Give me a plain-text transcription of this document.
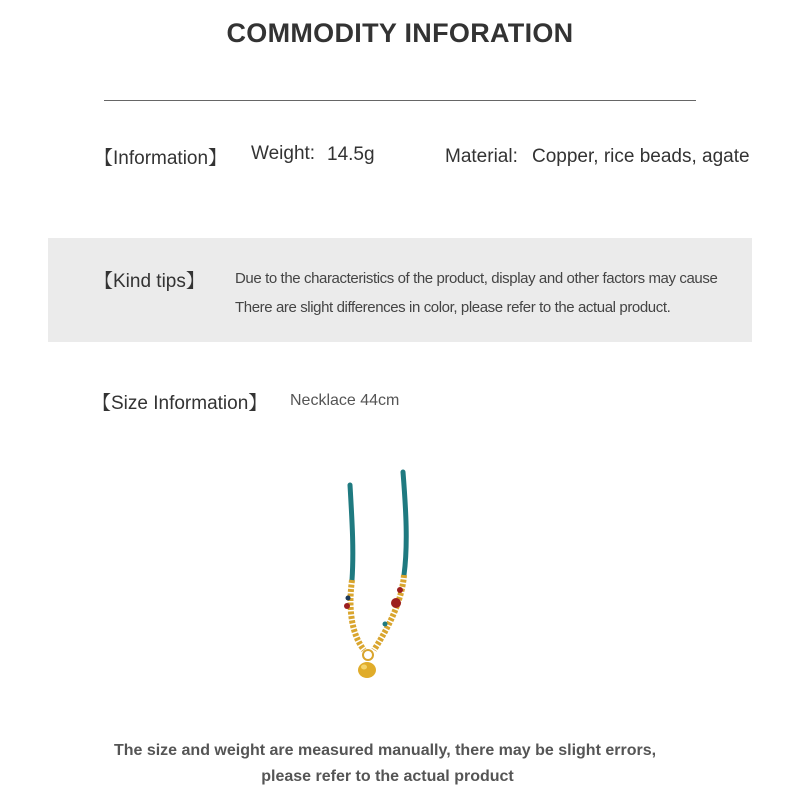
COMMODITY INFORATION
【Information】 Weight: 14.5g	Material: Copper, rice beads, agate
【Kind tips】 Due to the characteristics of the product, display and other factors may cause
There are slight differences in color, please refer to the actual product.
【Size Information】 Necklace 44cm
The size and weight are measured manually, there may be slight errors,
please refer to the actual product
